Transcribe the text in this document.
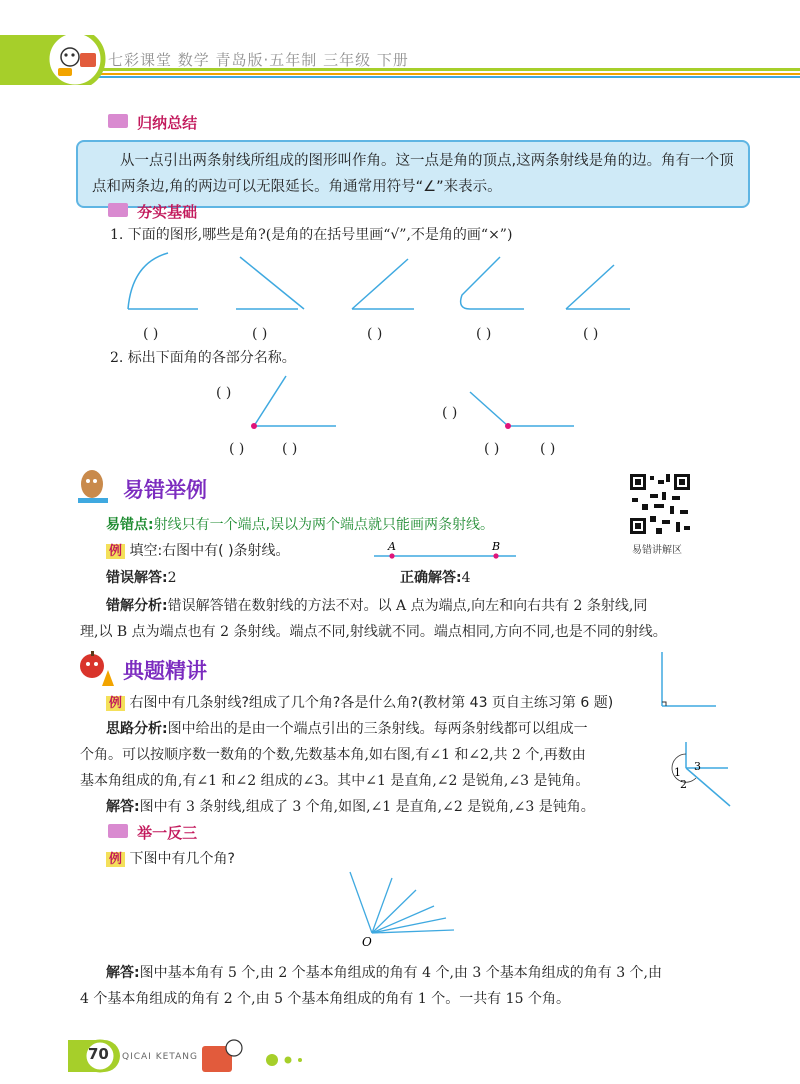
七彩课堂 数学 青岛版·五年制 三年级 下册
归纳总结
从一点引出两条射线所组成的图形叫作角。这一点是角的顶点,这两条射线是角的边。角有一个顶点和两条边,角的两边可以无限延长。角通常用符号“∠”来表示。
夯实基础
1. 下面的图形,哪些是角?(是角的在括号里画“√”,不是角的画“×”)
( )	( )	( )	( )	( )
2. 标出下面角的各部分名称。
( )
( )	( )
( )
( )	( )
易错举例
易错讲解区
易错点:射线只有一个端点,误以为两个端点就只能画两条射线。
例 填空:右图中有( )条射线。	A	B
错误解答:2	正确解答:4
错解分析:错误解答错在数射线的方法不对。以 A 点为端点,向左和向右共有 2 条射线,同
理,以 B 点为端点也有 2 条射线。端点不同,射线就不同。端点相同,方向不同,也是不同的射线。
典题精讲
1
2
3
例 右图中有几条射线?组成了几个角?各是什么角?(教材第 43 页自主练习第 6 题)
思路分析:图中给出的是由一个端点引出的三条射线。每两条射线都可以组成一
个角。可以按顺序数一数角的个数,先数基本角,如右图,有∠1 和∠2,共 2 个,再数由
基本角组成的角,有∠1 和∠2 组成的∠3。其中∠1 是直角,∠2 是锐角,∠3 是钝角。
解答:图中有 3 条射线,组成了 3 个角,如图,∠1 是直角,∠2 是锐角,∠3 是钝角。
举一反三
例 下图中有几个角?
O
解答:图中基本角有 5 个,由 2 个基本角组成的角有 4 个,由 3 个基本角组成的角有 3 个,由
4 个基本角组成的角有 2 个,由 5 个基本角组成的角有 1 个。一共有 15 个角。
70 QICAI KETANG
